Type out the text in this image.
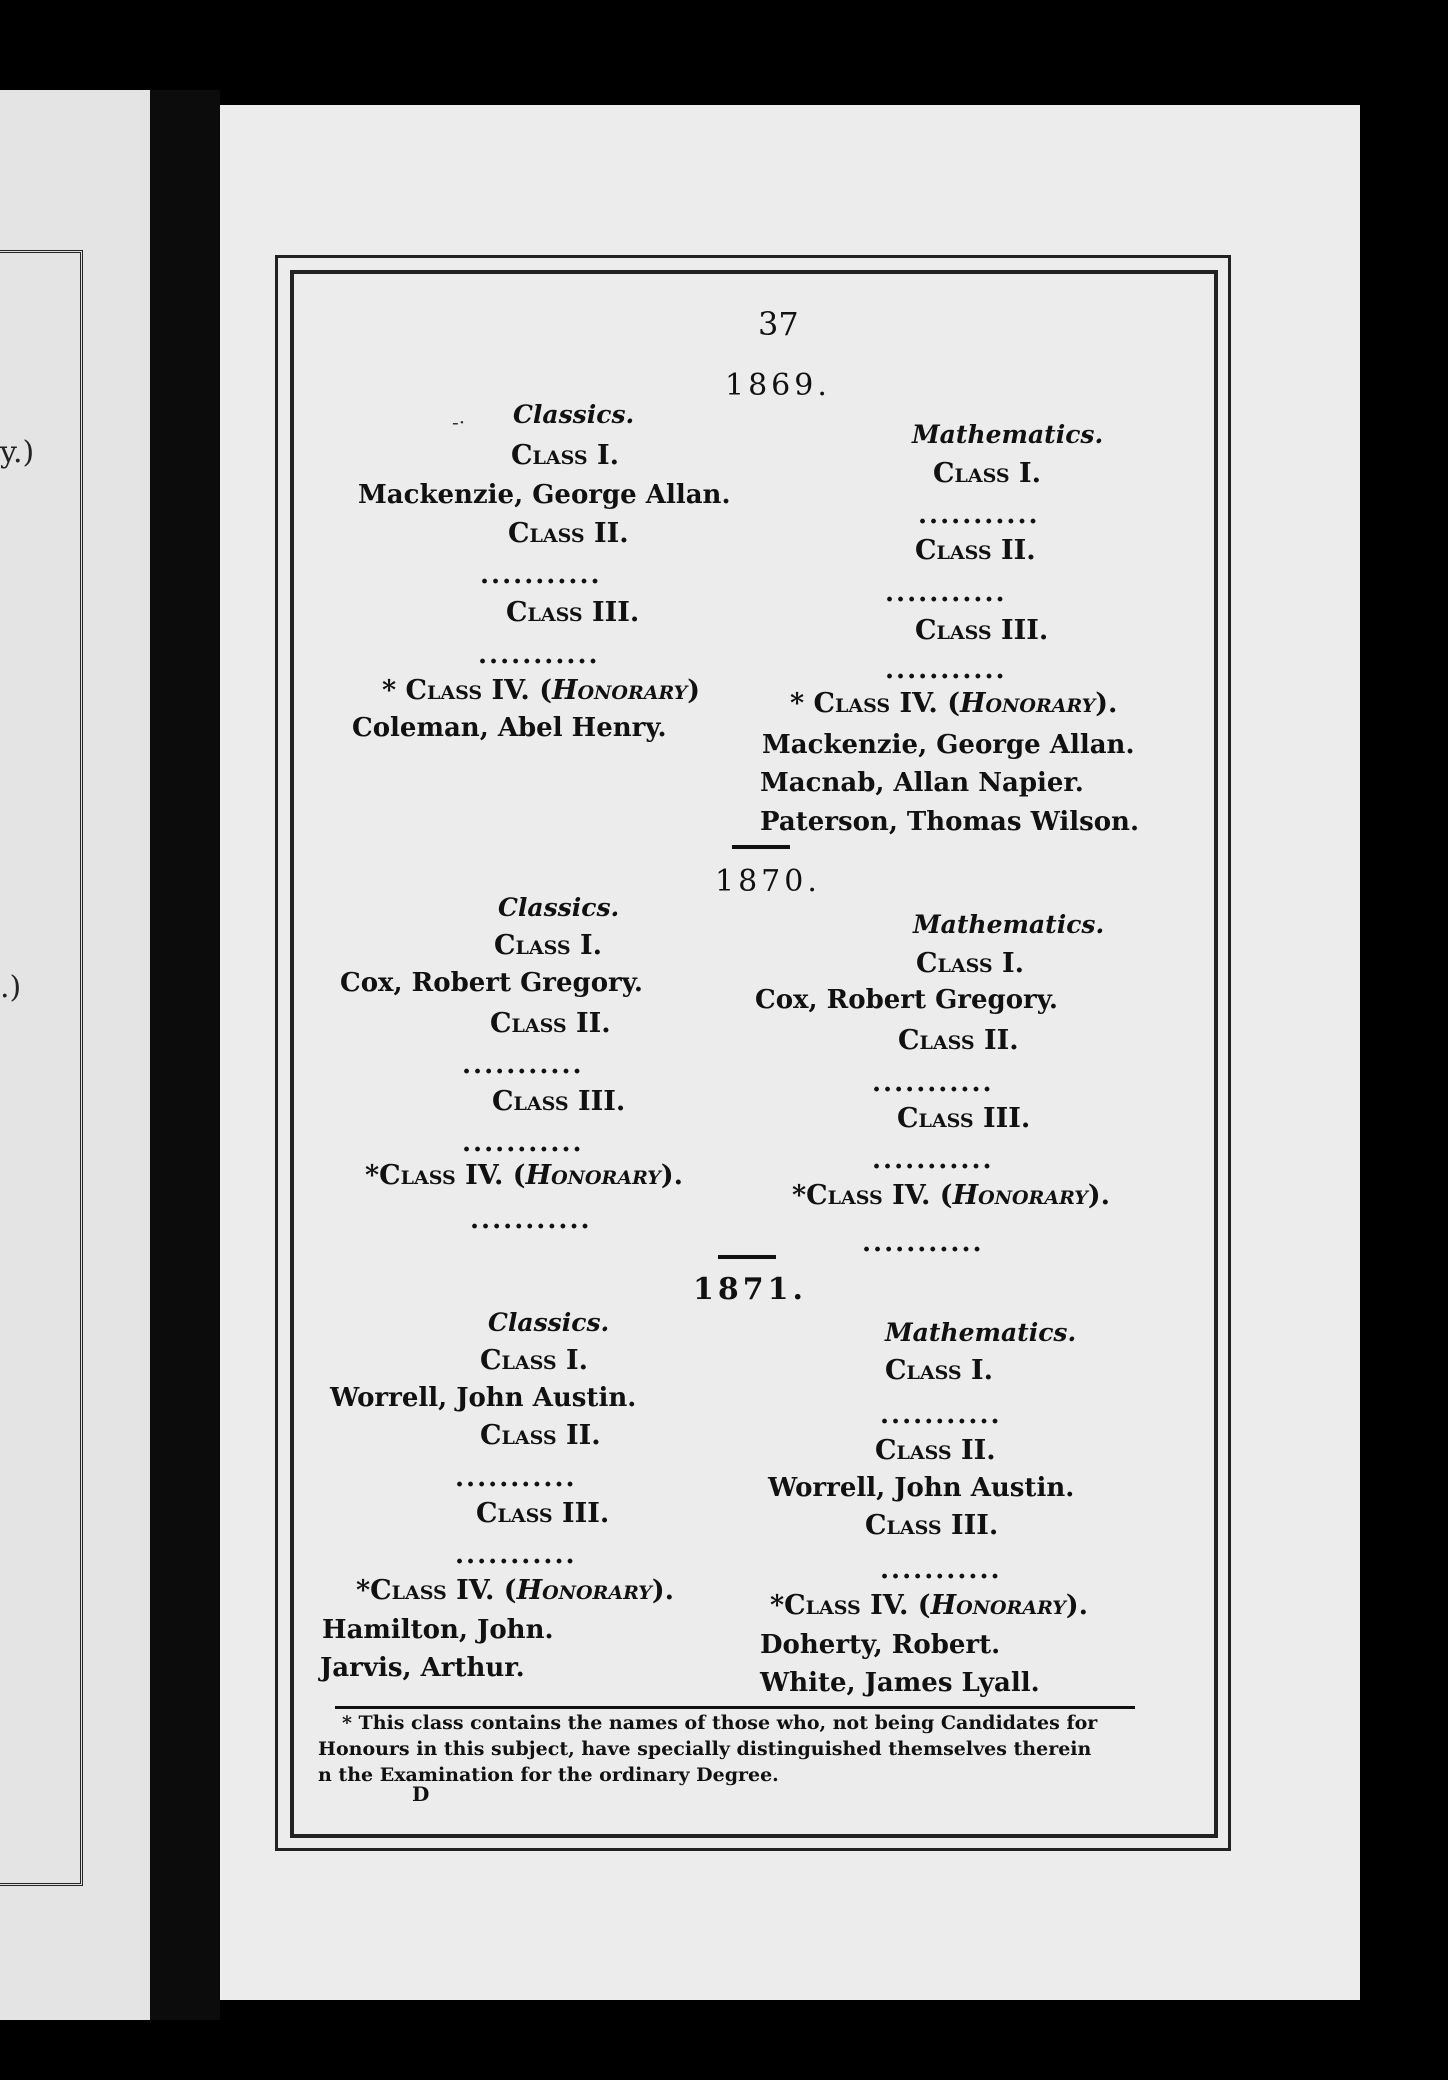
y.)
.)
37
1869.
-· Classics.
Class I.
Mackenzie, George Allan.
Class II.
...........
Class III.
...........
* Class IV. (Honorary)
Coleman, Abel Henry.
Mathematics.
Class I.
...........
Class II.
...........
Class III.
...........
* Class IV. (Honorary).
Mackenzie, George Allan.
Macnab, Allan Napier.
Paterson, Thomas Wilson.
1870.
Classics.
Class I.
Cox, Robert Gregory.
Class II.
...........
Class III.
...........
*Class IV. (Honorary).
...........
Mathematics.
Class I.
Cox, Robert Gregory.
Class II.
...........
Class III.
...........
*Class IV. (Honorary).
...........
1871.
Classics.
Class I.
Worrell, John Austin.
Class II.
...........
Class III.
...........
*Class IV. (Honorary).
Hamilton, John.
Jarvis, Arthur.
Mathematics.
Class I.
...........
Class II.
Worrell, John Austin.
Class III.
...........
*Class IV. (Honorary).
Doherty, Robert.
White, James Lyall.
* This class contains the names of those who, not being Candidates for
Honours in this subject, have specially distinguished themselves therein
n the Examination for the ordinary Degree.
D
